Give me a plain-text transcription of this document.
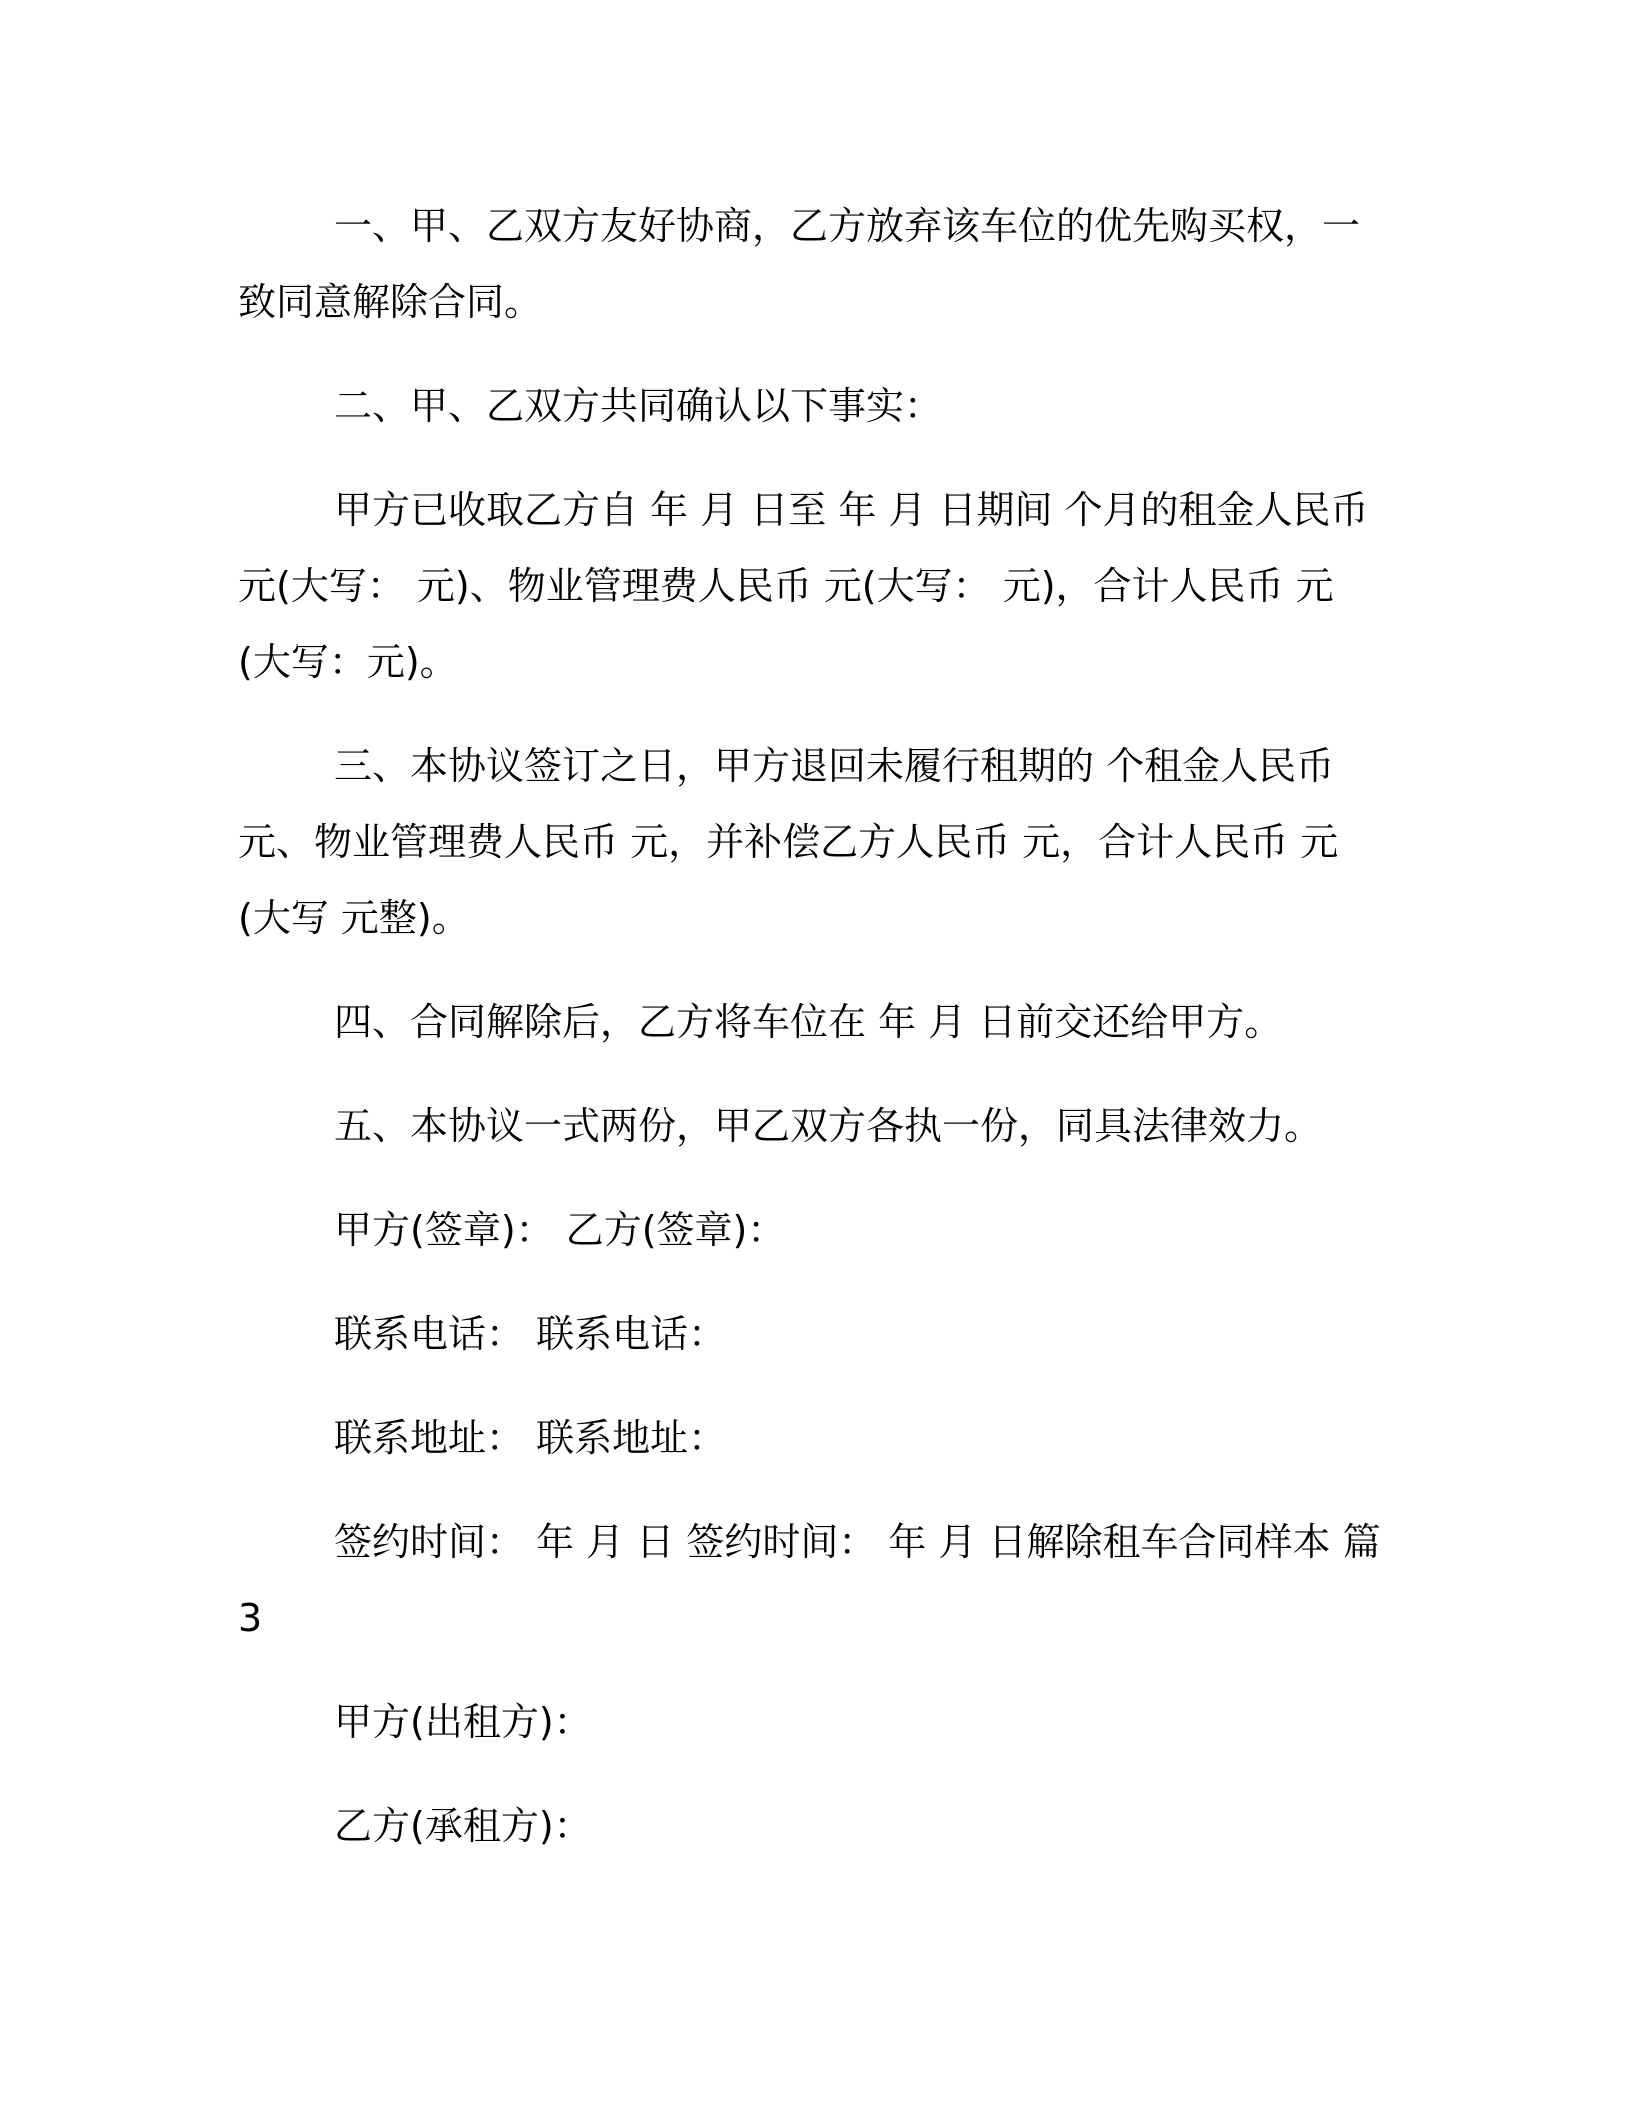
一、甲、乙双方友好协商，乙方放弃该车位的优先购买权，一致同意解除合同。

二、甲、乙双方共同确认以下事实：

甲方已收取乙方自 年 月 日至 年 月 日期间 个月的租金人民币 元(大写： 元)、物业管理费人民币 元(大写： 元)，合计人民币 元(大写：元)。

三、本协议签订之日，甲方退回未履行租期的 个租金人民币 元、物业管理费人民币 元，并补偿乙方人民币 元，合计人民币 元(大写 元整)。

四、合同解除后，乙方将车位在 年 月 日前交还给甲方。

五、本协议一式两份，甲乙双方各执一份，同具法律效力。

甲方(签章)： 乙方(签章)：

联系电话： 联系电话：

联系地址： 联系地址：

签约时间： 年 月 日 签约时间： 年 月 日解除租车合同样本 篇 3

甲方(出租方)：

乙方(承租方)：
